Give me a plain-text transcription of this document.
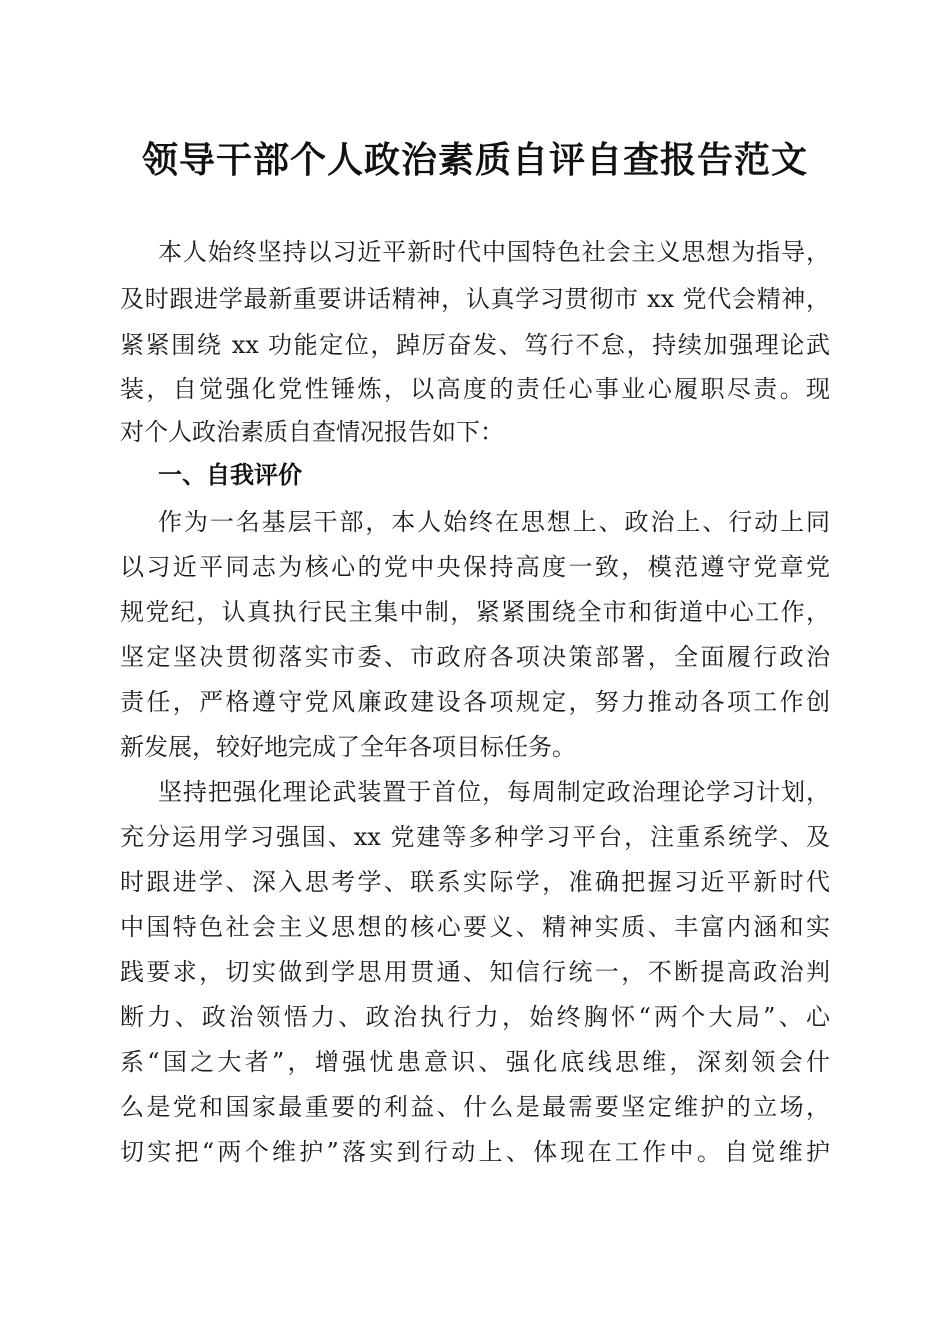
领导干部个人政治素质自评自查报告范文
本人始终坚持以习近平新时代中国特色社会主义思想为指导，
及时跟进学最新重要讲话精神，认真学习贯彻市 xx 党代会精神，
紧紧围绕 xx 功能定位，踔厉奋发、笃行不怠，持续加强理论武
装，自觉强化党性锤炼，以高度的责任心事业心履职尽责。现
对个人政治素质自查情况报告如下：
一、自我评价
作为一名基层干部，本人始终在思想上、政治上、行动上同
以习近平同志为核心的党中央保持高度一致，模范遵守党章党
规党纪，认真执行民主集中制，紧紧围绕全市和街道中心工作，
坚定坚决贯彻落实市委、市政府各项决策部署，全面履行政治
责任，严格遵守党风廉政建设各项规定，努力推动各项工作创
新发展，较好地完成了全年各项目标任务。
坚持把强化理论武装置于首位，每周制定政治理论学习计划，
充分运用学习强国、xx 党建等多种学习平台，注重系统学、及
时跟进学、深入思考学、联系实际学，准确把握习近平新时代
中国特色社会主义思想的核心要义、精神实质、丰富内涵和实
践要求，切实做到学思用贯通、知信行统一，不断提高政治判
断力、政治领悟力、政治执行力，始终胸怀“两个大局”、心
系“国之大者”，增强忧患意识、强化底线思维，深刻领会什
么是党和国家最重要的利益、什么是最需要坚定维护的立场，
切实把“两个维护”落实到行动上、体现在工作中。自觉维护
